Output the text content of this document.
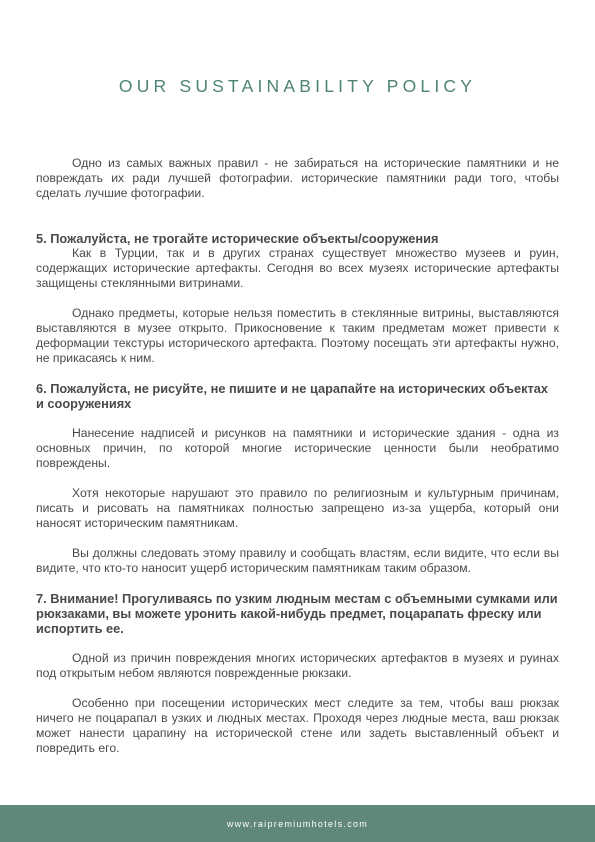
OUR SUSTAINABILITY POLICY

Одно из самых важных правил - не забираться на исторические памятники и не повреждать их ради лучшей фотографии. исторические памятники ради того, чтобы сделать лучшие фотографии.

5. Пожалуйста, не трогайте исторические объекты/сооружения

Как в Турции, так и в других странах существует множество музеев и руин, содержащих исторические артефакты. Сегодня во всех музеях исторические артефакты защищены стеклянными витринами.

Однако предметы, которые нельзя поместить в стеклянные витрины, выставляются выставляются в музее открыто. Прикосновение к таким предметам может привести к деформации текстуры исторического артефакта. Поэтому посещать эти артефакты нужно, не прикасаясь к ним.

6. Пожалуйста, не рисуйте, не пишите и не царапайте на исторических объектах и сооружениях

Нанесение надписей и рисунков на памятники и исторические здания - одна из основных причин, по которой многие исторические ценности были необратимо повреждены.

Хотя некоторые нарушают это правило по религиозным и культурным причинам, писать и рисовать на памятниках полностью запрещено из-за ущерба, который они наносят историческим памятникам.

Вы должны следовать этому правилу и сообщать властям, если видите, что если вы видите, что кто-то наносит ущерб историческим памятникам таким образом.

7. Внимание! Прогуливаясь по узким людным местам с объемными сумками или рюкзаками, вы можете уронить какой-нибудь предмет, поцарапать фреску или испортить ее.

Одной из причин повреждения многих исторических артефактов в музеях и руинах под открытым небом являются поврежденные рюкзаки.

Особенно при посещении исторических мест следите за тем, чтобы ваш рюкзак ничего не поцарапал в узких и людных местах. Проходя через людные места, ваш рюкзак может нанести царапину на исторической стене или задеть выставленный объект и повредить его.

www.raipremiumhotels.com
